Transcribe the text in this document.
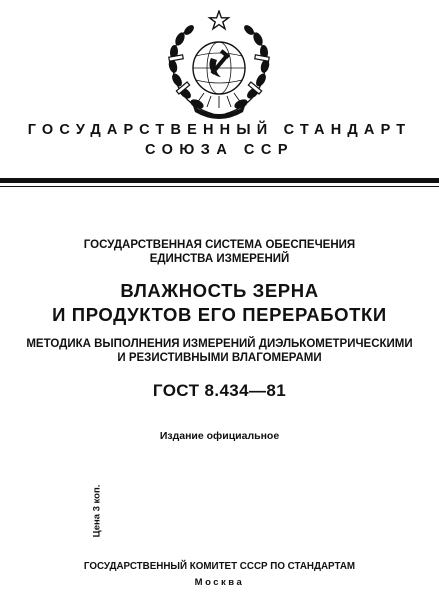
ГОСУДАРСТВЕННЫЙ СТАНДАРТ
СОЮЗА ССР
ГОСУДАРСТВЕННАЯ СИСТЕМА ОБЕСПЕЧЕНИЯ
ЕДИНСТВА ИЗМЕРЕНИЙ
ВЛАЖНОСТЬ ЗЕРНА
И ПРОДУКТОВ ЕГО ПЕРЕРАБОТКИ
МЕТОДИКА ВЫПОЛНЕНИЯ ИЗМЕРЕНИЙ ДИЭЛЬКОМЕТРИЧЕСКИМИ
И РЕЗИСТИВНЫМИ ВЛАГОМЕРАМИ
ГОСТ 8.434—81
Издание официальное
Цена 3 коп.
ГОСУДАРСТВЕННЫЙ КОМИТЕТ СССР ПО СТАНДАРТАМ
Москва
